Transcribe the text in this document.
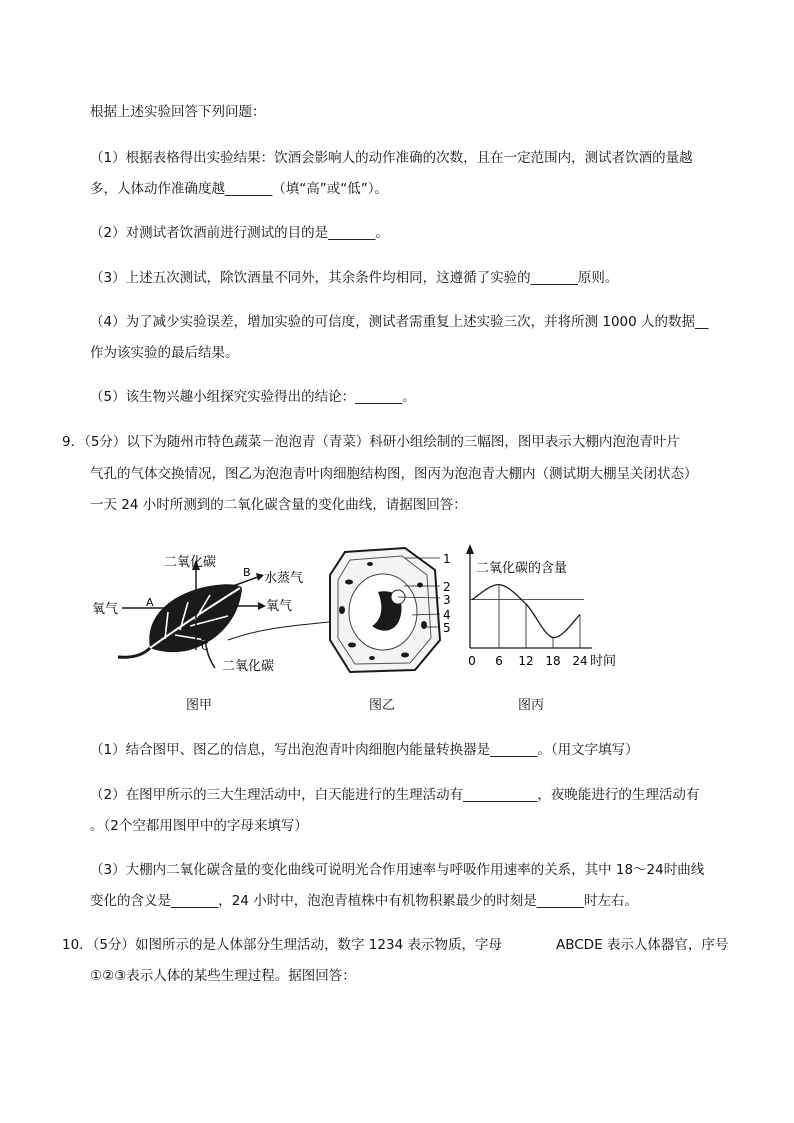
根据上述实验回答下列问题：
（1）根据表格得出实验结果：饮酒会影响人的动作准确的次数，且在一定范围内，测试者饮酒的量越
多，人体动作准确度越_______（填“高”或“低”）。
（2）对测试者饮酒前进行测试的目的是_______。
（3）上述五次测试，除饮酒量不同外，其余条件均相同，这遵循了实验的_______原则。
（4）为了减少实验误差，增加实验的可信度，测试者需重复上述实验三次，并将所测 1000 人的数据__
作为该实验的最后结果。
（5）该生物兴趣小组探究实验得出的结论：_______。
9．（5分）以下为随州市特色蔬菜－泡泡青（青菜）科研小组绘制的三幅图，图甲表示大棚内泡泡青叶片
气孔的气体交换情况，图乙为泡泡青叶肉细胞结构图，图丙为泡泡青大棚内（测试期大棚呈关闭状态）
一天 24 小时所测到的二氧化碳含量的变化曲线，请据图回答：
二氧化碳
氧气	A
B 水蒸气
氧气
C
二氧化碳
1
2
3
4
5
二氧化碳的含量
0 6 12 18 24 时间
图甲	图乙	图丙
（1）结合图甲、图乙的信息，写出泡泡青叶肉细胞内能量转换器是_______。（用文字填写）
（2）在图甲所示的三大生理活动中，白天能进行的生理活动有___________，夜晚能进行的生理活动有
。（2个空都用图甲中的字母来填写）
（3）大棚内二氧化碳含量的变化曲线可说明光合作用速率与呼吸作用速率的关系，其中 18～24时曲线
变化的含义是_______，24 小时中，泡泡青植株中有机物积累最少的时刻是_______时左右。
10．（5分）如图所示的是人体部分生理活动，数字 1234 表示物质，字母	ABCDE 表示人体器官，序号
①②③表示人体的某些生理过程。据图回答：
